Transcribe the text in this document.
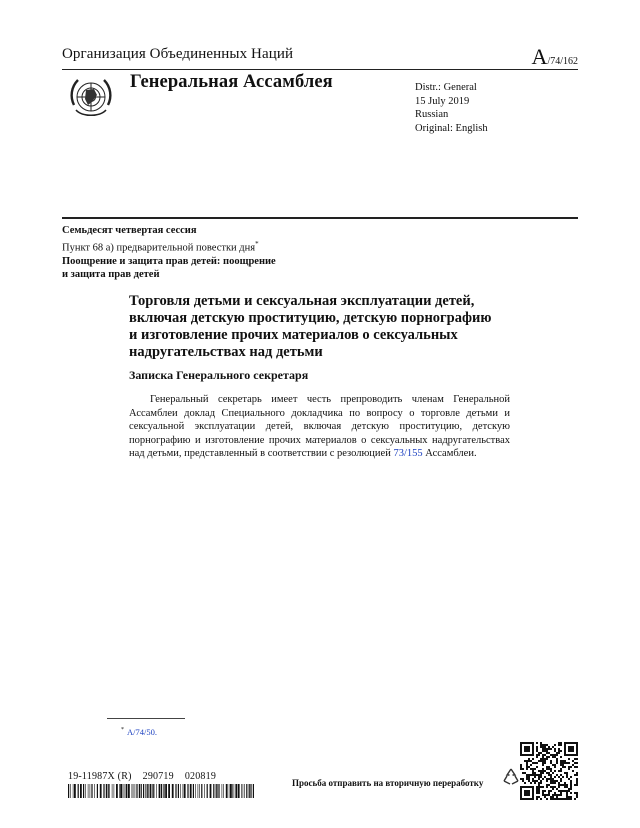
Организация Объединенных Наций	A/74/162
Генеральная Ассамблея	Distr.: General
15 July 2019
Russian
Original: English
Семьдесят четвертая сессия
Пункт 68 а) предварительной повестки дня*
Поощрение и защита прав детей: поощрение
и защита прав детей
Торговля детьми и сексуальная эксплуатации детей,
включая детскую проституцию, детскую порнографию
и изготовление прочих материалов о сексуальных
надругательствах над детьми
Записка Генерального секретаря
Генеральный секретарь имеет честь препроводить членам Генеральной Ассамблеи доклад Специального докладчика по вопросу о торговле детьми и сексуальной эксплуатации детей, включая детскую проституцию, детскую порнографию и изготовление прочих материалов о сексуальных надругательствах над детьми, представленный в соответствии с резолюцией 73/155 Ассамблеи.
* A/74/50.
19-11987X (R) 290719 020819
Просьба отправить на вторичную переработку
